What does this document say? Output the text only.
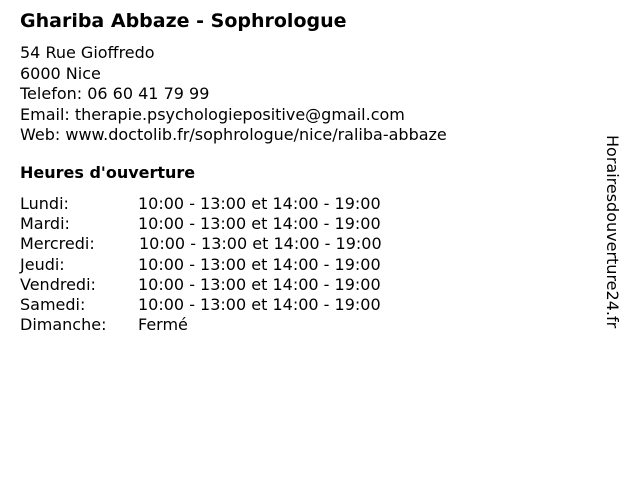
Ghariba Abbaze - Sophrologue
54 Rue Gioffredo
6000 Nice
Telefon: 06 60 41 79 99
Email: therapie.psychologiepositive@gmail.com
Web: www.doctolib.fr/sophrologue/nice/raliba-abbaze
Heures d'ouverture
Lundi:	10:00 - 13:00 et 14:00 - 19:00
Mardi:	10:00 - 13:00 et 14:00 - 19:00
Mercredi:	10:00 - 13:00 et 14:00 - 19:00
Jeudi:	10:00 - 13:00 et 14:00 - 19:00
Vendredi:	10:00 - 13:00 et 14:00 - 19:00
Samedi:	10:00 - 13:00 et 14:00 - 19:00
Dimanche:	Fermé	Horairesdouverture24.fr
